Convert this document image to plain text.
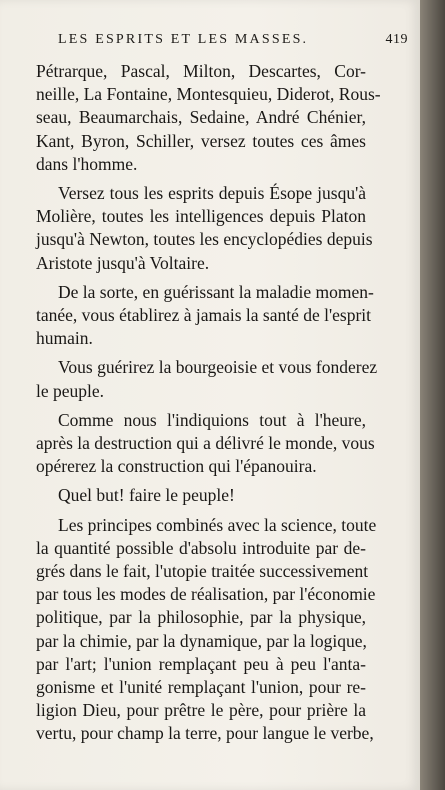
LES ESPRITS ET LES MASSES.	419
Pétrarque, Pascal, Milton, Descartes, Cor-
neille, La Fontaine, Montesquieu, Diderot, Rous-
seau, Beaumarchais, Sedaine, André Chénier,
Kant, Byron, Schiller, versez toutes ces âmes
dans l'homme.
Versez tous les esprits depuis Ésope jusqu'à
Molière, toutes les intelligences depuis Platon
jusqu'à Newton, toutes les encyclopédies depuis
Aristote jusqu'à Voltaire.
De la sorte, en guérissant la maladie momen-
tanée, vous établirez à jamais la santé de l'esprit
humain.
Vous guérirez la bourgeoisie et vous fonderez
le peuple.
Comme nous l'indiquions tout à l'heure,
après la destruction qui a délivré le monde, vous
opérerez la construction qui l'épanouira.
Quel but! faire le peuple!
Les principes combinés avec la science, toute
la quantité possible d'absolu introduite par de-
grés dans le fait, l'utopie traitée successivement
par tous les modes de réalisation, par l'économie
politique, par la philosophie, par la physique,
par la chimie, par la dynamique, par la logique,
par l'art; l'union remplaçant peu à peu l'anta-
gonisme et l'unité remplaçant l'union, pour re-
ligion Dieu, pour prêtre le père, pour prière la
vertu, pour champ la terre, pour langue le verbe,
